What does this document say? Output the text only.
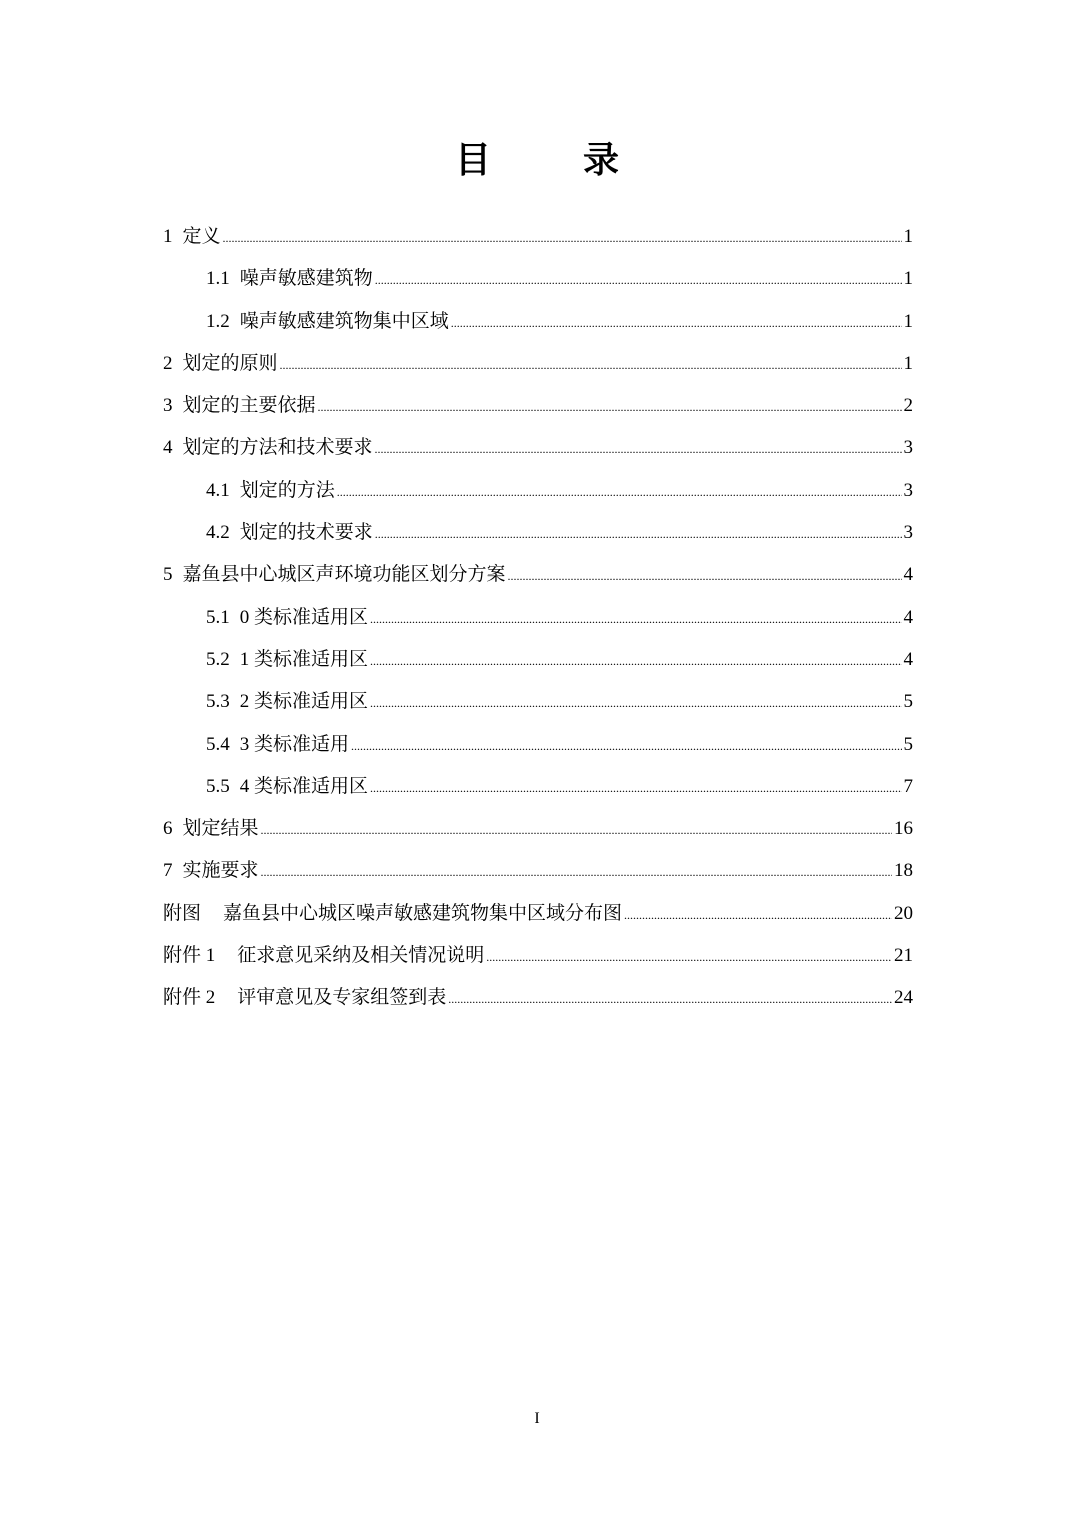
目　录
1 定义 .....	1
1.1 噪声敏感建筑物 .....	1
1.2 噪声敏感建筑物集中区域 .....	1
2 划定的原则 .....	1
3 划定的主要依据 .....	2
4 划定的方法和技术要求 .....	3
4.1 划定的方法 .....	3
4.2 划定的技术要求 .....	3
5 嘉鱼县中心城区声环境功能区划分方案 .....	4
5.1 0 类标准适用区 .....	4
5.2 1 类标准适用区 .....	4
5.3 2 类标准适用区 .....	5
5.4 3 类标准适用 .....	5
5.5 4 类标准适用区 .....	7
6 划定结果 .....	16
7 实施要求 .....	18
附图 嘉鱼县中心城区噪声敏感建筑物集中区域分布图 .....	20
附件 1 征求意见采纳及相关情况说明 .....	21
附件 2 评审意见及专家组签到表 .....	24
I
